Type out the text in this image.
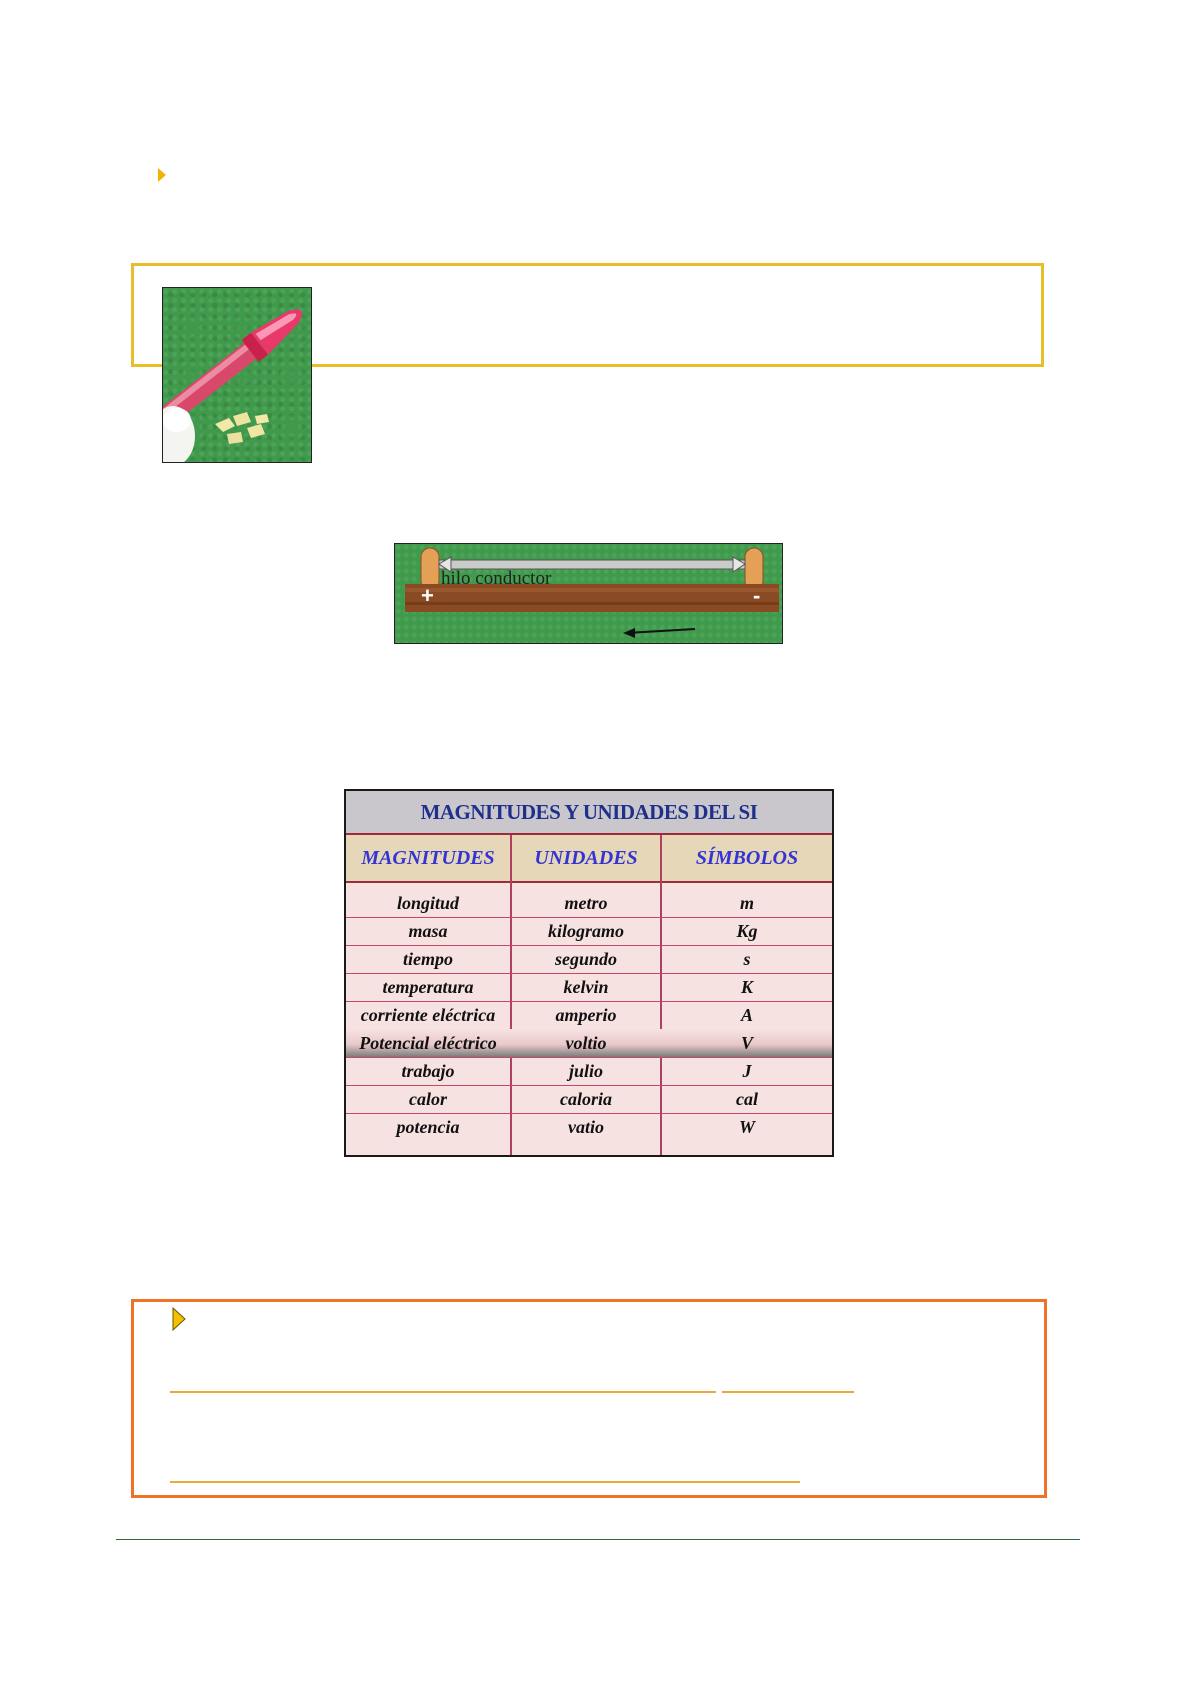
hilo conductor
+	-
MAGNITUDES Y UNIDADES DEL SI
MAGNITUDES	UNIDADES	SÍMBOLOS
longitud	metro	m
masa	kilogramo	Kg
tiempo	segundo	s
temperatura	kelvin	K
corriente eléctrica	amperio	A
Potencial eléctrico	voltio	V
trabajo	julio	J
calor	caloria	cal
potencia	vatio	W
